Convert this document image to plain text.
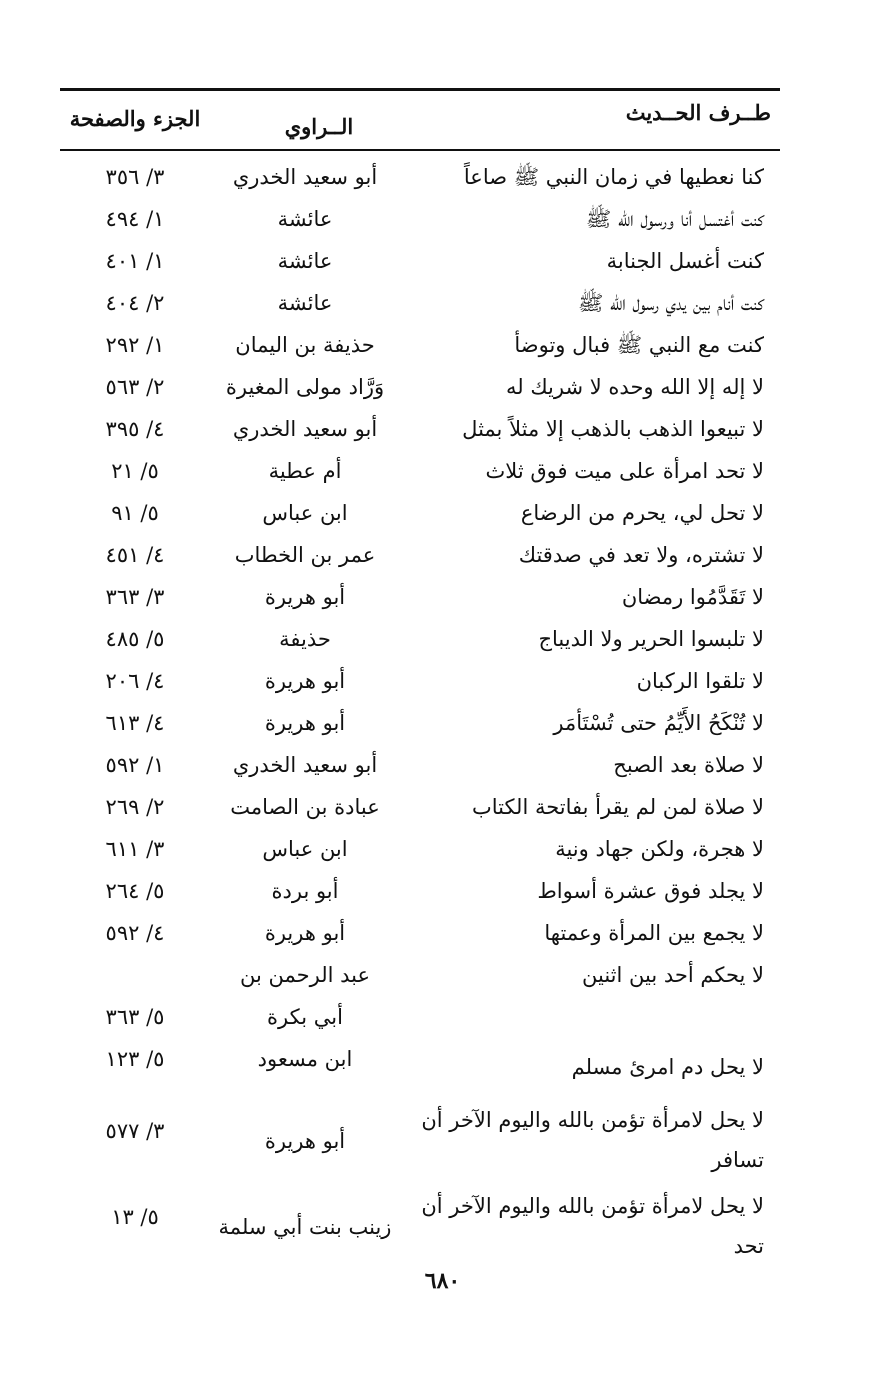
طــرف الحــديث
الــراوي
الجزء والصفحة
كنا نعطيها في زمان النبي ﷺ صاعاً
أبو سعيد الخدري
٣/ ٣٥٦
كنت أغتسل أنا ورسول الله ﷺ
عائشة
١/ ٤٩٤
كنت أغسل الجنابة
عائشة
١/ ٤٠١
كنت أنام بين يدي رسول الله ﷺ
عائشة
٢/ ٤٠٤
كنت مع النبي ﷺ فبال وتوضأ
حذيفة بن اليمان
١/ ٢٩٢
لا إله إلا الله وحده لا شريك له
وَرَّاد مولى المغيرة
٢/ ٥٦٣
لا تبيعوا الذهب بالذهب إلا مثلاً بمثل
أبو سعيد الخدري
٤/ ٣٩٥
لا تحد امرأة على ميت فوق ثلاث
أم عطية
٥/ ٢١
لا تحل لي، يحرم من الرضاع
ابن عباس
٥/ ٩١
لا تشتره، ولا تعد في صدقتك
عمر بن الخطاب
٤/ ٤٥١
لا تَقَدَّمُوا رمضان
أبو هريرة
٣/ ٣٦٣
لا تلبسوا الحرير ولا الديباج
حذيفة
٥/ ٤٨٥
لا تلقوا الركبان
أبو هريرة
٤/ ٢٠٦
لا تُنْكَحُ الأَيِّمُ حتى تُسْتَأمَر
أبو هريرة
٤/ ٦١٣
لا صلاة بعد الصبح
أبو سعيد الخدري
١/ ٥٩٢
لا صلاة لمن لم يقرأ بفاتحة الكتاب
عبادة بن الصامت
٢/ ٢٦٩
لا هجرة، ولكن جهاد ونية
ابن عباس
٣/ ٦١١
لا يجلد فوق عشرة أسواط
أبو بردة
٥/ ٢٦٤
لا يجمع بين المرأة وعمتها
أبو هريرة
٤/ ٥٩٢
لا يحكم أحد بين اثنين
عبد الرحمن بن أبي بكرة
٥/ ٣٦٣
لا يحل دم امرئ مسلم
ابن مسعود
٥/ ١٢٣
لا يحل لامرأة تؤمن بالله واليوم الآخر أن تسافر
أبو هريرة
٣/ ٥٧٧
لا يحل لامرأة تؤمن بالله واليوم الآخر أن تحد
زينب بنت أبي سلمة
٥/ ١٣
٦٨٠
